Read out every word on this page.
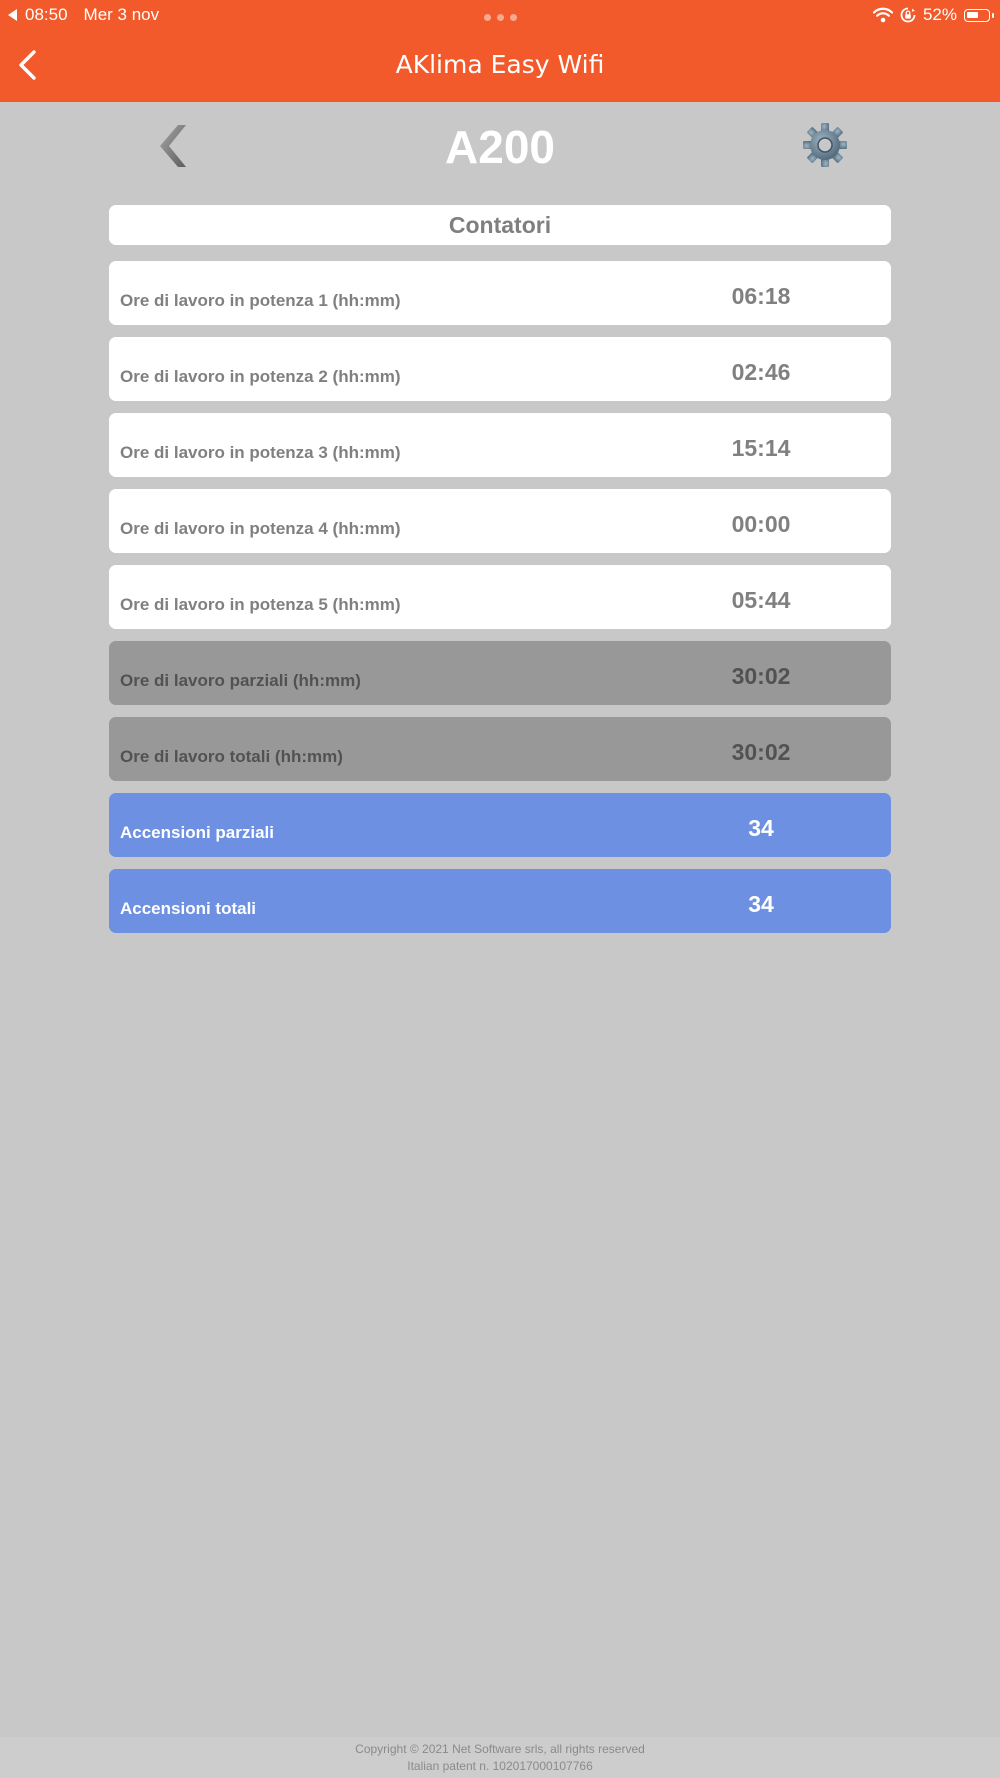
08:50 Mer 3 nov	52%
AKlima Easy Wifi
A200
Contatori
Ore di lavoro in potenza 1 (hh:mm)	06:18
Ore di lavoro in potenza 2 (hh:mm)	02:46
Ore di lavoro in potenza 3 (hh:mm)	15:14
Ore di lavoro in potenza 4 (hh:mm)	00:00
Ore di lavoro in potenza 5 (hh:mm)	05:44
Ore di lavoro parziali (hh:mm)	30:02
Ore di lavoro totali (hh:mm)	30:02
Accensioni parziali	34
Accensioni totali	34
Copyright © 2021 Net Software srls, all rights reserved
Italian patent n. 102017000107766
